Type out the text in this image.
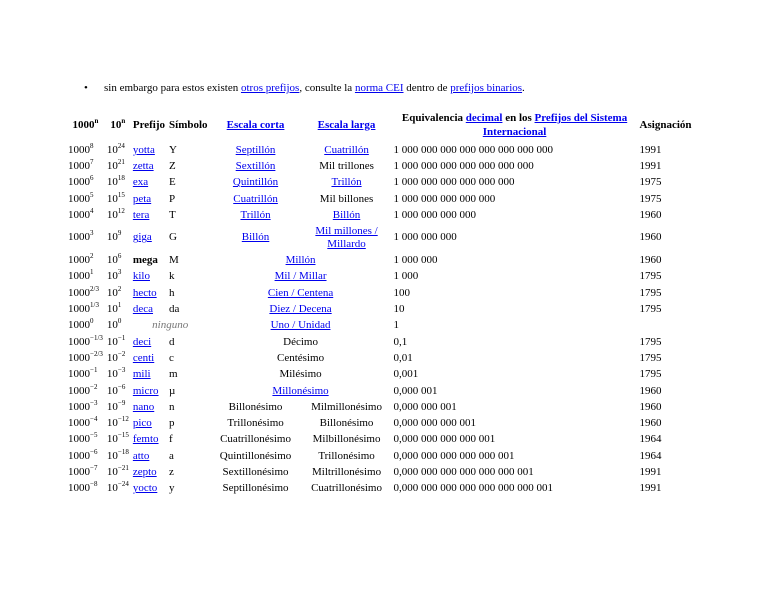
• sin embargo para estos existen otros prefijos, consulte la norma CEI dentro de prefijos binarios.
1000$^n$	10$^n$	Prefijo	Símbolo	Escala corta	Escala larga	Equivalencia decimal en los Prefijos del Sistema Internacional	Asignación
1000$^8$	$10^{24}$	yotta	Y	Septillón	Cuatrillón	1 000 000 000 000 000 000 000 000	1991
1000$^7$	$10^{21}$	zetta	Z	Sextillón	Mil trillones	1 000 000 000 000 000 000 000	1991
1000$^6$	$10^{18}$	exa	E	Quintillón	Trillón	1 000 000 000 000 000 000	1975
1000$^5$	$10^{15}$	peta	P	Cuatrillón	Mil billones	1 000 000 000 000 000	1975
1000$^4$	$10^{12}$	tera	T	Trillón	Billón	1 000 000 000 000	1960
1000$^3$	$10^9$	giga	G	Billón	Mil millones / Millardo	1 000 000 000	1960
1000$^2$	$10^6$	mega	M	Millón		1 000 000	1960
1000$^1$	$10^3$	kilo	k	Mil / Millar		1 000	1795
$1000^{2/3}$	$10^2$	hecto	h	Cien / Centena		100	1795
$1000^{1/3}$	$10^1$	deca	da	Diez / Decena		10	1795
1000$^0$	$10^0$	ninguno		Uno / Unidad		1	
$1000^{-1/3}$	$10^{-1}$	deci	d	Décimo		0,1	1795
$1000^{-2/3}$	$10^{-2}$	centi	c	Centésimo		0,01	1795
$1000^{-1}$	$10^{-3}$	mili	m	Milésimo		0,001	1795
$1000^{-2}$	$10^{-6}$	micro	µ	Millonésimo		0,000 001	1960
$1000^{-3}$	$10^{-9}$	nano	n	Billonésimo	Milmillonésimo	0,000 000 001	1960
$1000^{-4}$	$10^{-12}$	pico	p	Trillonésimo	Billonésimo	0,000 000 000 001	1960
$1000^{-5}$	$10^{-15}$	femto	f	Cuatrillonésimo	Milbillonésimo	0,000 000 000 000 001	1964
$1000^{-6}$	$10^{-18}$	atto	a	Quintillonésimo	Trillonésimo	0,000 000 000 000 000 001	1964
$1000^{-7}$	$10^{-21}$	zepto	z	Sextillonésimo	Miltrillonésimo	0,000 000 000 000 000 000 001	1991
$1000^{-8}$	$10^{-24}$	yocto	y	Septillonésimo	Cuatrillonésimo	0,000 000 000 000 000 000 000 001	1991
